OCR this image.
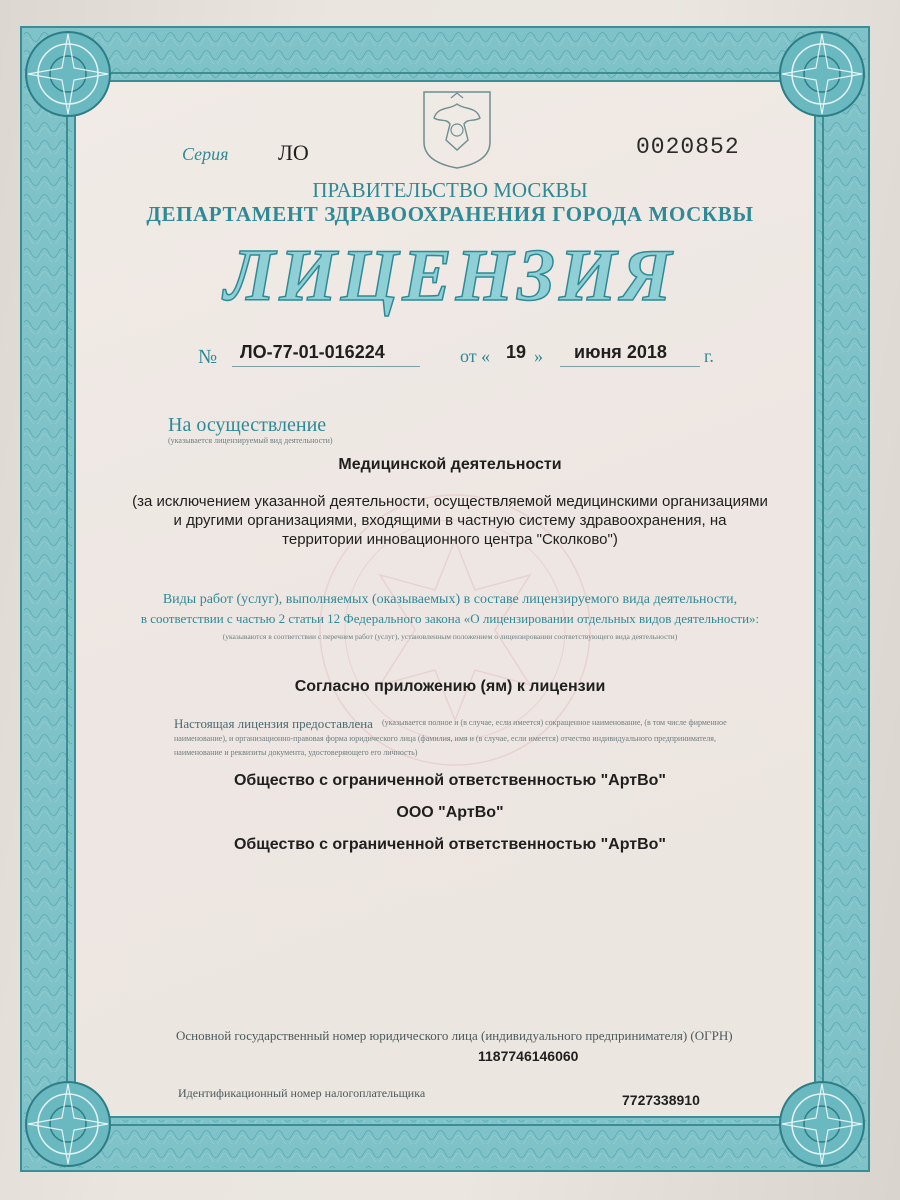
Серия ЛО	0020852
ПРАВИТЕЛЬСТВО МОСКВЫ
ДЕПАРТАМЕНТ ЗДРАВООХРАНЕНИЯ ГОРОДА МОСКВЫ
ЛИЦЕНЗИЯ
№ ЛО-77-01-016224	от « 19 » июня 2018 г.
На осуществление
(указывается лицензируемый вид деятельности)
Медицинской деятельности
(за исключением указанной деятельности, осуществляемой медицинскими организациями
и другими организациями, входящими в частную систему здравоохранения, на
территории инновационного центра "Сколково")
Виды работ (услуг), выполняемых (оказываемых) в составе лицензируемого вида деятельности,
в соответствии с частью 2 статьи 12 Федерального закона «О лицензировании отдельных видов деятельности»:
(указываются в соответствии с перечнем работ (услуг), установленным положением о лицензировании соответствующего вида деятельности)
Согласно приложению (ям) к лицензии
Настоящая лицензия предоставлена (указывается полное и (в случае, если имеется) сокращенное наименование, (в том числе фирменное
наименование), и организационно-правовая форма юридического лица (фамилия, имя и (в случае, если имеется) отчество индивидуального предпринимателя,
наименование и реквизиты документа, удостоверяющего его личность)
Общество с ограниченной ответственностью "АртВо"
ООО "АртВо"
Общество с ограниченной ответственностью "АртВо"
Основной государственный номер юридического лица (индивидуального предпринимателя) (ОГРН)
1187746146060
Идентификационный номер налогоплательщика	7727338910
